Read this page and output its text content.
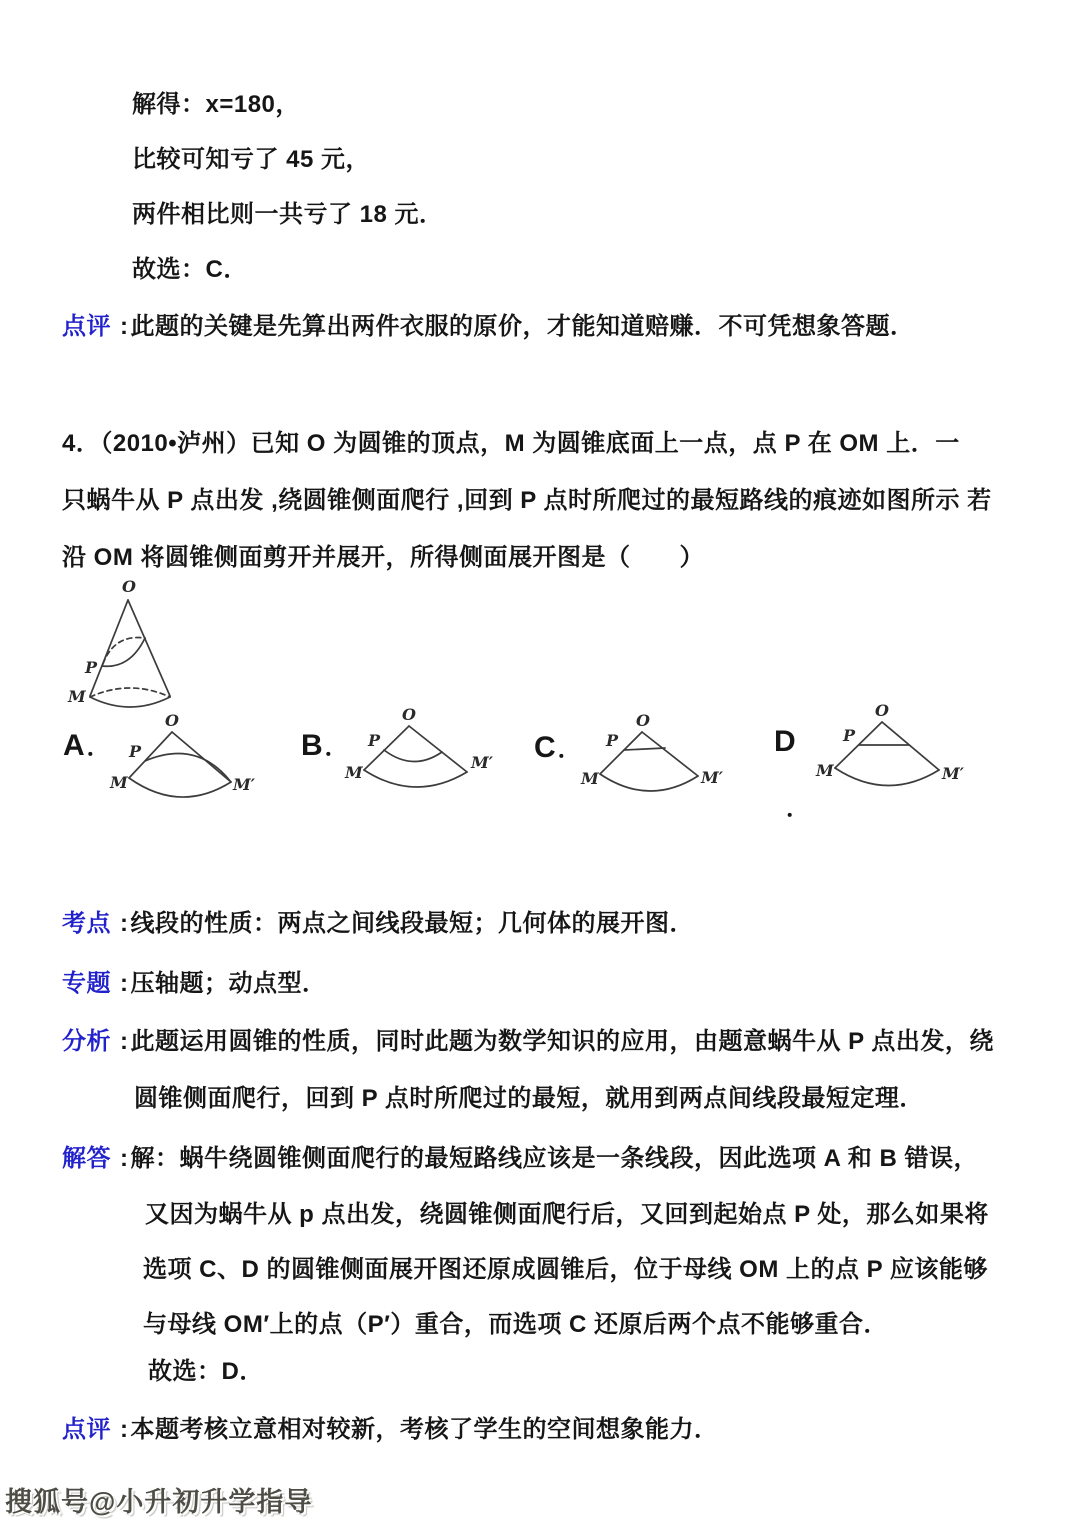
解得：x=180，
比较可知亏了 45 元，
两件相比则一共亏了 18 元．
故选：C．
点评 :此题的关键是先算出两件衣服的原价，才能知道赔赚．不可凭想象答题．
4．（2010•泸州）已知 O 为圆锥的顶点，M 为圆锥底面上一点，点 P 在 OM 上．一
只蜗牛从 P 点出发 ,绕圆锥侧面爬行 ,回到 P 点时所爬过的最短路线的痕迹如图所示 若
沿 OM 将圆锥侧面剪开并展开，所得侧面展开图是（　　）
O
P
M
A．
O
P
M	M′
B．
O
P
M
M′ C．
O
P
M	M′
D
．
O
P
M	M′
考点 :线段的性质：两点之间线段最短；几何体的展开图．
专题 :压轴题；动点型．
分析 :此题运用圆锥的性质，同时此题为数学知识的应用，由题意蜗牛从 P 点出发，绕
圆锥侧面爬行，回到 P 点时所爬过的最短，就用到两点间线段最短定理．
解答 :解：蜗牛绕圆锥侧面爬行的最短路线应该是一条线段，因此选项 A 和 B 错误，
又因为蜗牛从 p 点出发，绕圆锥侧面爬行后，又回到起始点 P 处，那么如果将
选项 C、D 的圆锥侧面展开图还原成圆锥后，位于母线 OM 上的点 P 应该能够
与母线 OM′上的点（P′）重合，而选项 C 还原后两个点不能够重合．
故选：D．
点评 :本题考核立意相对较新，考核了学生的空间想象能力．
搜狐号@小升初升学指导
